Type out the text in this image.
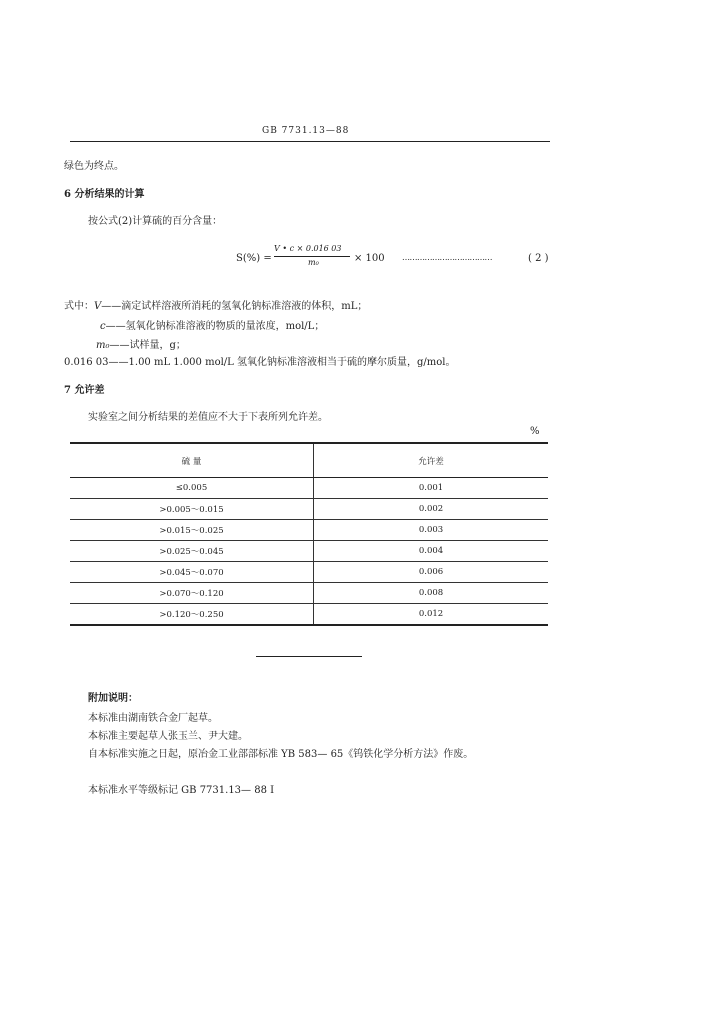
GB 7731.13—88
绿色为终点。
6 分析结果的计算
按公式(2)计算硫的百分含量：
S(%) =
V • c × 0.016 03
m₀	× 100 ………………………………	( 2 )
式中： V——滴定试样溶液所消耗的氢氧化钠标准溶液的体积，mL；
c——氢氧化钠标准溶液的物质的量浓度，mol/L；
m₀——试样量，g；
0.016 03——1.00 mL 1.000 mol/L 氢氧化钠标准溶液相当于硫的摩尔质量，g/mol。
7 允许差
实验室之间分析结果的差值应不大于下表所列允许差。
%
硫 量	允许差
≤0.005	0.001
>0.005～0.015	0.002
>0.015～0.025	0.003
>0.025～0.045	0.004
>0.045～0.070	0.006
>0.070～0.120	0.008
>0.120～0.250	0.012
附加说明：
本标准由湖南铁合金厂起草。
本标准主要起草人张玉兰、尹大建。
自本标准实施之日起，原冶金工业部部标准 YB 583— 65《钨铁化学分析方法》作废。
本标准水平等级标记 GB 7731.13— 88 I
